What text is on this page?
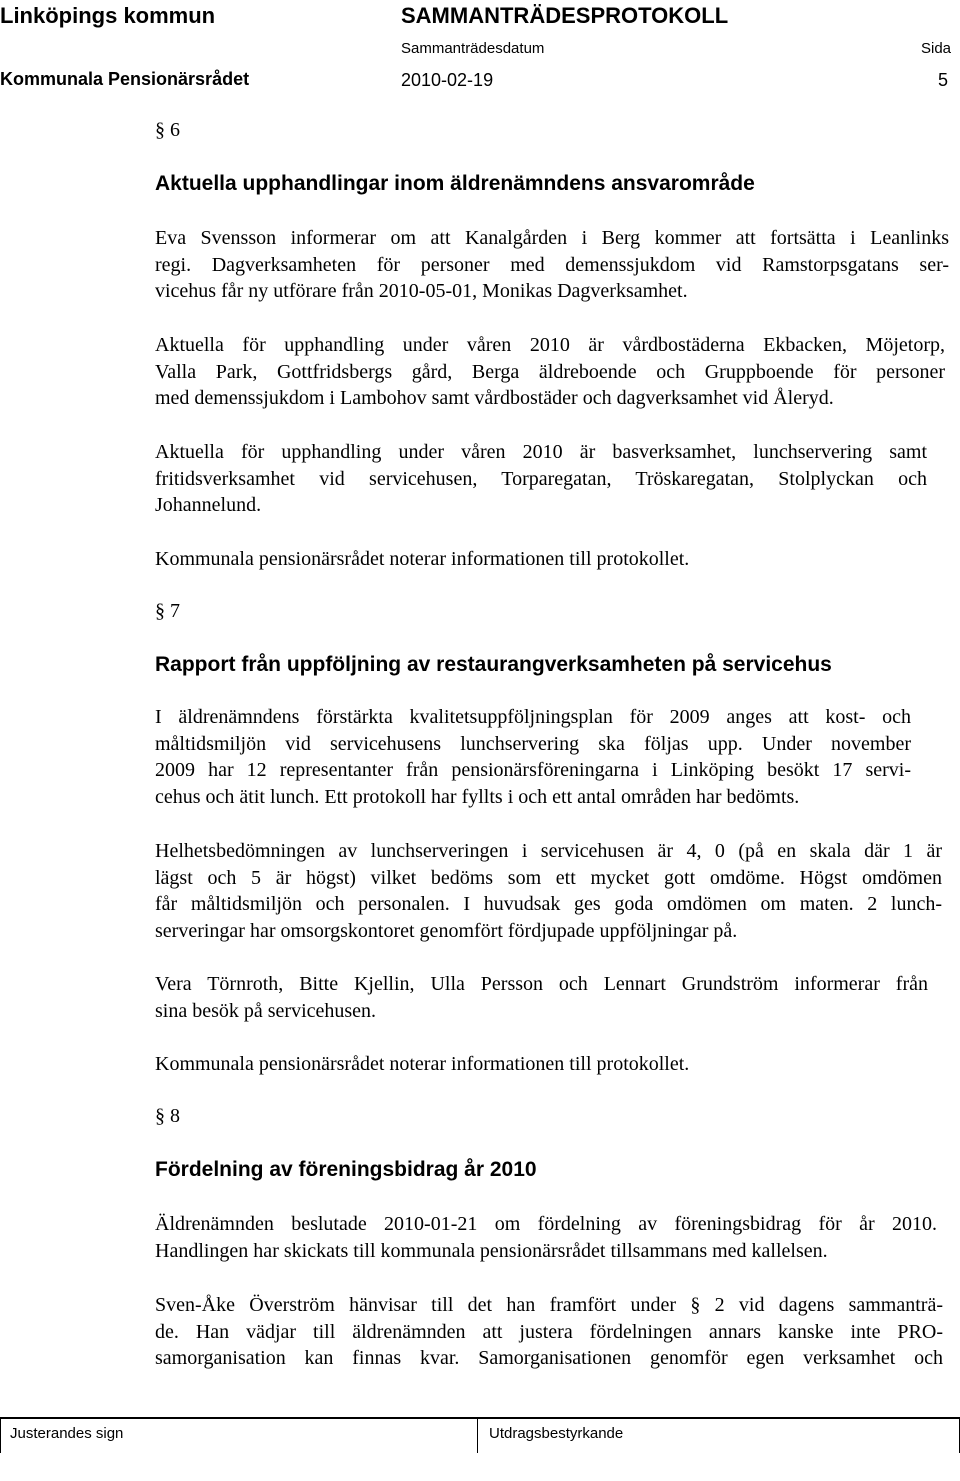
Linköpings kommun	SAMMANTRÄDESPROTOKOLL
Sammanträdesdatum	Sida
Kommunala Pensionärsrådet	2010-02-19	5
§ 6
Aktuella upphandlingar inom äldrenämndens ansvarområde
Eva Svensson informerar om att Kanalgården i Berg kommer att fortsätta i Leanlinks
regi. Dagverksamheten för personer med demenssjukdom vid Ramstorpsgatans ser-
vicehus får ny utförare från 2010-05-01, Monikas Dagverksamhet.
Aktuella för upphandling under våren 2010 är vårdbostäderna Ekbacken, Möjetorp,
Valla Park, Gottfridsbergs gård, Berga äldreboende och Gruppboende för personer
med demenssjukdom i Lambohov samt vårdbostäder och dagverksamhet vid Åleryd.
Aktuella för upphandling under våren 2010 är basverksamhet, lunchservering samt
fritidsverksamhet vid servicehusen, Torparegatan, Tröskaregatan, Stolplyckan och
Johannelund.
Kommunala pensionärsrådet noterar informationen till protokollet.
§ 7
Rapport från uppföljning av restaurangverksamheten på servicehus
I äldrenämndens förstärkta kvalitetsuppföljningsplan för 2009 anges att kost- och
måltidsmiljön vid servicehusens lunchservering ska följas upp. Under november
2009 har 12 representanter från pensionärsföreningarna i Linköping besökt 17 servi-
cehus och ätit lunch. Ett protokoll har fyllts i och ett antal områden har bedömts.
Helhetsbedömningen av lunchserveringen i servicehusen är 4, 0 (på en skala där 1 är
lägst och 5 är högst) vilket bedöms som ett mycket gott omdöme. Högst omdömen
får måltidsmiljön och personalen. I huvudsak ges goda omdömen om maten. 2 lunch-
serveringar har omsorgskontoret genomfört fördjupade uppföljningar på.
Vera Törnroth, Bitte Kjellin, Ulla Persson och Lennart Grundström informerar från
sina besök på servicehusen.
Kommunala pensionärsrådet noterar informationen till protokollet.
§ 8
Fördelning av föreningsbidrag år 2010
Äldrenämnden beslutade 2010-01-21 om fördelning av föreningsbidrag för år 2010.
Handlingen har skickats till kommunala pensionärsrådet tillsammans med kallelsen.
Sven-Åke Överström hänvisar till det han framfört under § 2 vid dagens sammanträ-
de. Han vädjar till äldrenämnden att justera fördelningen annars kanske inte PRO-
samorganisation kan finnas kvar. Samorganisationen genomför egen verksamhet och
Justerandes sign	Utdragsbestyrkande
